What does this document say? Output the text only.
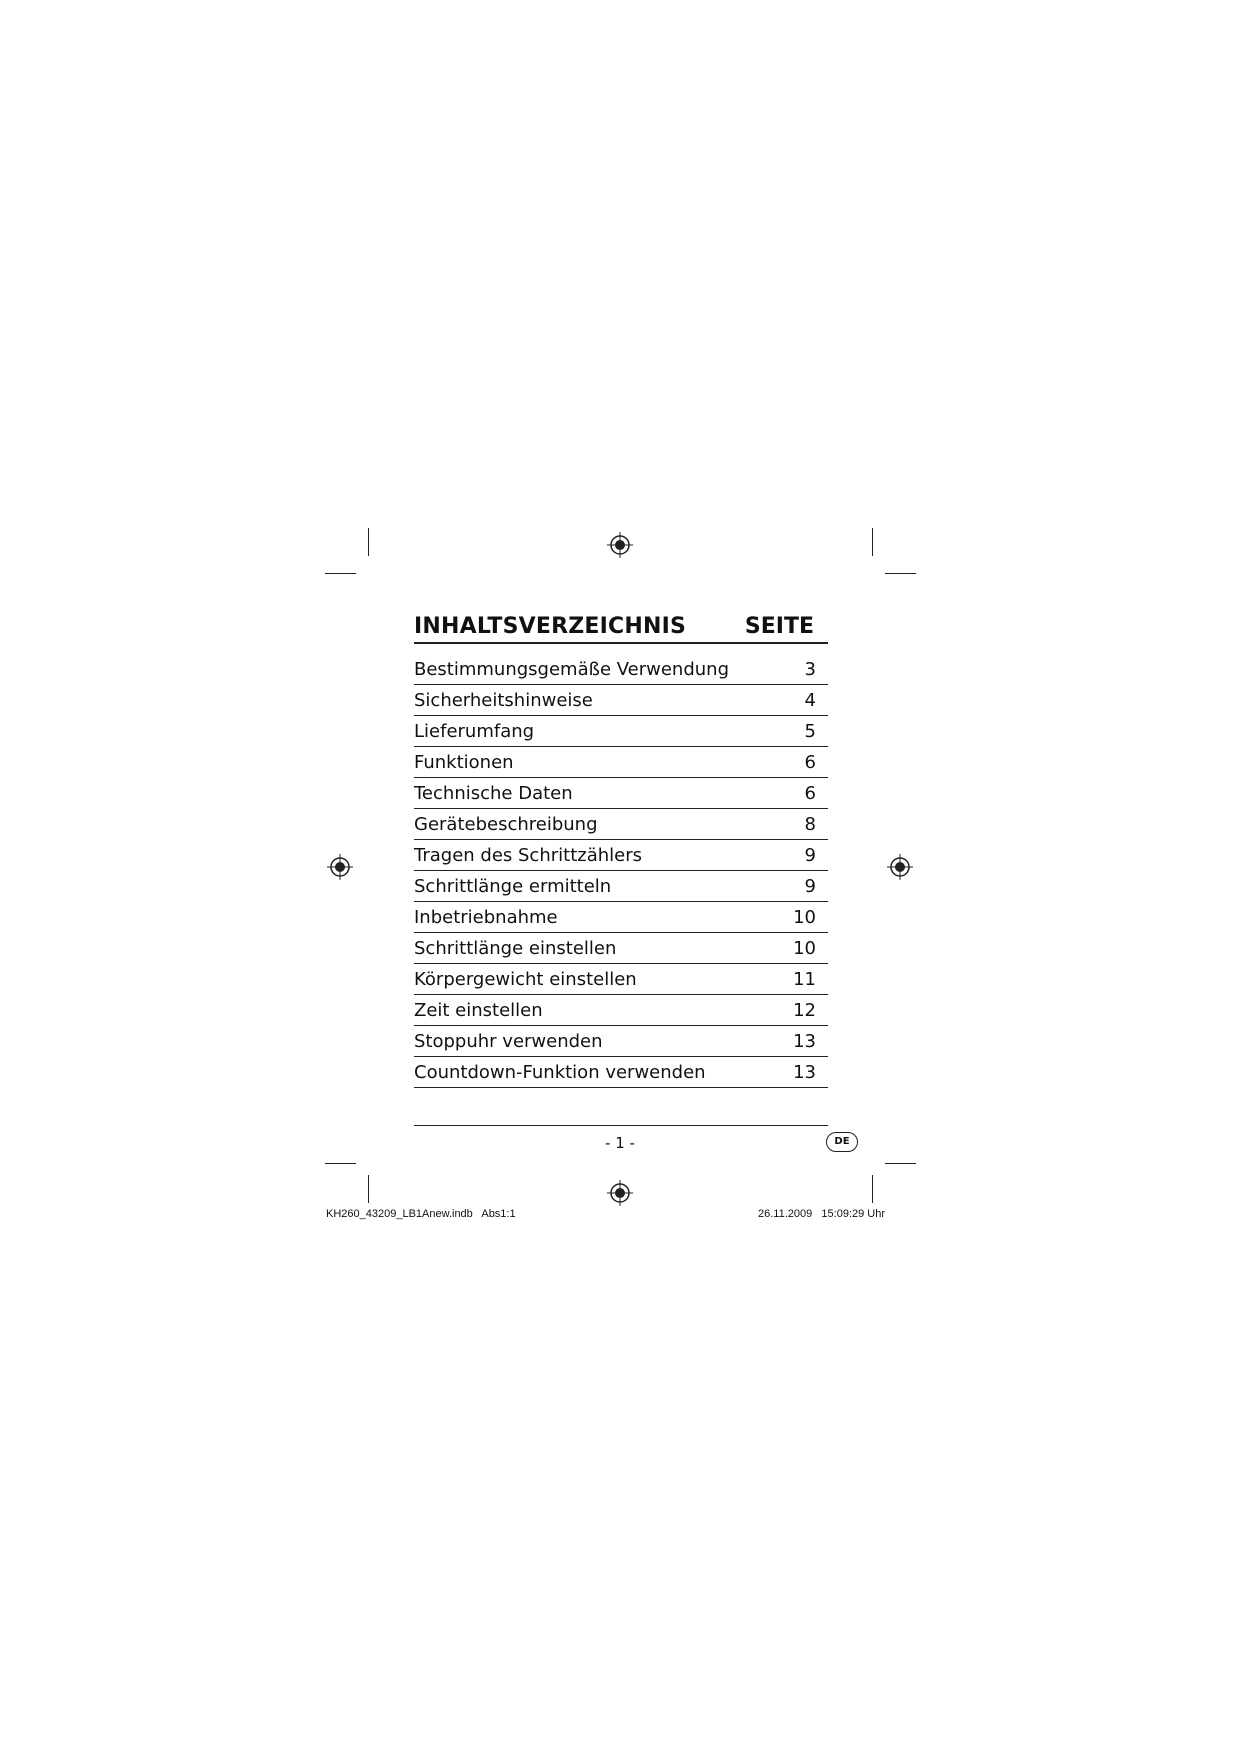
INHALTSVERZEICHNIS	SEITE
Bestimmungsgemäße Verwendung	3
Sicherheitshinweise	4
Lieferumfang	5
Funktionen	6
Technische Daten	6
Gerätebeschreibung	8
Tragen des Schrittzählers	9
Schrittlänge ermitteln	9
Inbetriebnahme	10
Schrittlänge einstellen	10
Körpergewicht einstellen	11
Zeit einstellen	12
Stoppuhr verwenden	13
Countdown-Funktion verwenden	13
- 1 -	DE
KH260_43209_LB1Anew.indb   Abs1:1	26.11.2009   15:09:29 Uhr
